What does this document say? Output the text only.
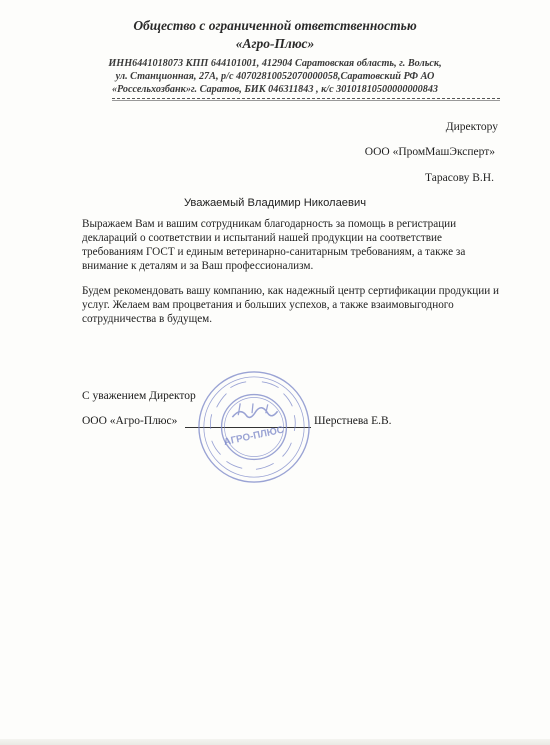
Общество с ограниченной ответственностью
«Агро-Плюс»
ИНН6441018073 КПП 644101001, 412904 Саратовская область, г. Вольск,
ул. Станционная, 27А, р/с 40702810052070000058,Саратовский РФ АО
«Россельхозбанк»г. Саратов, БИК 046311843 , к/с 30101810500000000843
Директору
ООО «ПромМашЭксперт»
Тарасову В.Н.
Уважаемый Владимир Николаевич
Выражаем Вам и вашим сотрудникам благодарность за помощь в регистрации деклараций о соответствии и испытаний нашей продукции на соответствие требованиям ГОСТ и единым ветеринарно-санитарным требованиям, а также за внимание к деталям и за Ваш профессионализм.
Будем рекомендовать вашу компанию, как надежный центр сертификации продукции и услуг. Желаем вам процветания и больших успехов, а также взаимовыгодного сотрудничества в будущем.
С уважением Директор
ООО «Агро-Плюс»	Шерстнева Е.В.
АГРО-ПЛЮС
